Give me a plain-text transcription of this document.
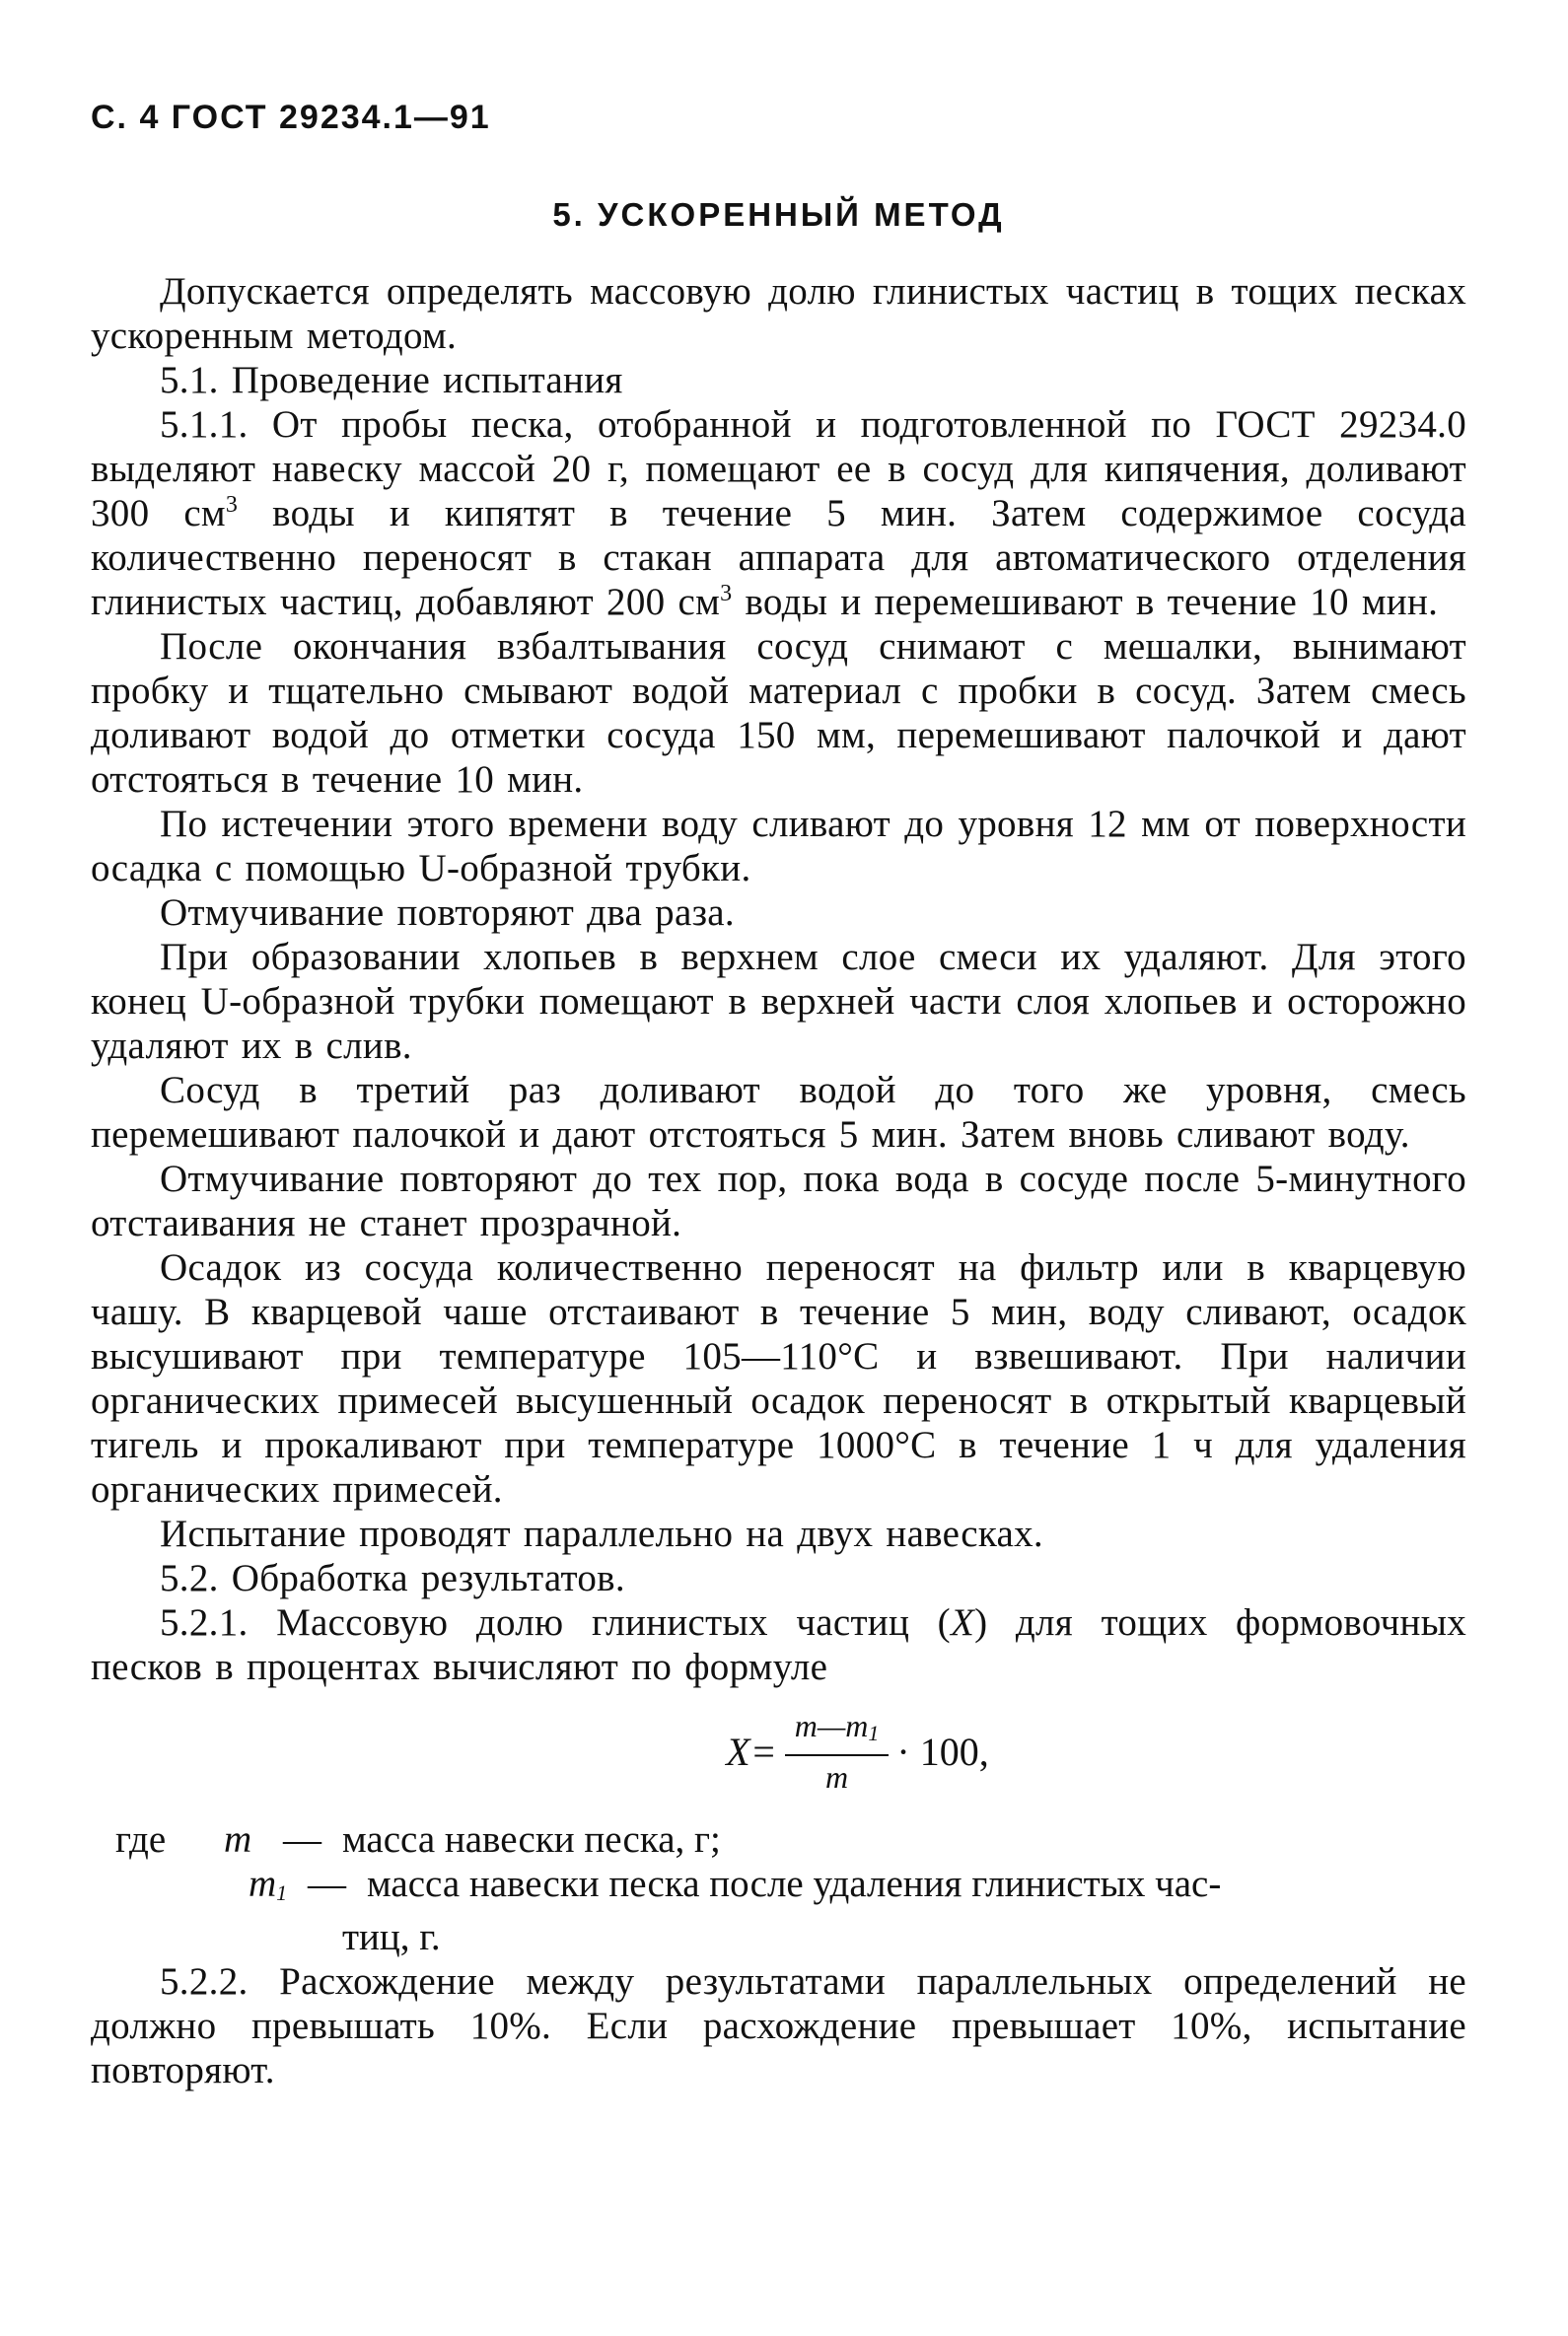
С. 4 ГОСТ 29234.1—91
5. УСКОРЕННЫЙ МЕТОД

Допускается определять массовую долю глинистых частиц в тощих песках ускоренным методом.

5.1. Проведение испытания

5.1.1. От пробы песка, отобранной и подготовленной по ГОСТ 29234.0 выделяют навеску массой 20 г, помещают ее в сосуд для кипячения, доливают 300 $см^3$ воды и кипятят в течение 5 мин. Затем содержимое сосуда количественно переносят в стакан аппарата для автоматического отделения глинистых частиц, добавляют 200 $см^3$ воды и перемешивают в течение 10 мин.

После окончания взбалтывания сосуд снимают с мешалки, вынимают пробку и тщательно смывают водой материал с пробки в сосуд. Затем смесь доливают водой до отметки сосуда 150 мм, перемешивают палочкой и дают отстояться в течение 10 мин.

По истечении этого времени воду сливают до уровня 12 мм от поверхности осадка с помощью U-образной трубки.

Отмучивание повторяют два раза.

При образовании хлопьев в верхнем слое смеси их удаляют. Для этого конец U-образной трубки помещают в верхней части слоя хлопьев и осторожно удаляют их в слив.

Сосуд в третий раз доливают водой до того же уровня, смесь перемешивают палочкой и дают отстояться 5 мин. Затем вновь сливают воду.

Отмучивание повторяют до тех пор, пока вода в сосуде после 5-минутного отстаивания не станет прозрачной.

Осадок из сосуда количественно переносят на фильтр или в кварцевую чашу. В кварцевой чаше отстаивают в течение 5 мин, воду сливают, осадок высушивают при температуре 105—110°С и взвешивают. При наличии органических примесей высушенный осадок переносят в открытый кварцевый тигель и прокаливают при температуре 1000°С в течение 1 ч для удаления органических примесей.

Испытание проводят параллельно на двух навесках.

5.2. Обработка результатов.

5.2.1. Массовую долю глинистых частиц (X) для тощих формовочных песков в процентах вычисляют по формуле

$X= \frac{m—m1}{m} \cdot 100$,
где	m — масса навески песка, г;
m1 — масса навески песка после удаления глинистых час-
тиц, г.

5.2.2. Расхождение между результатами параллельных определений не должно превышать 10%. Если расхождение превышает 10%, испытание повторяют.
